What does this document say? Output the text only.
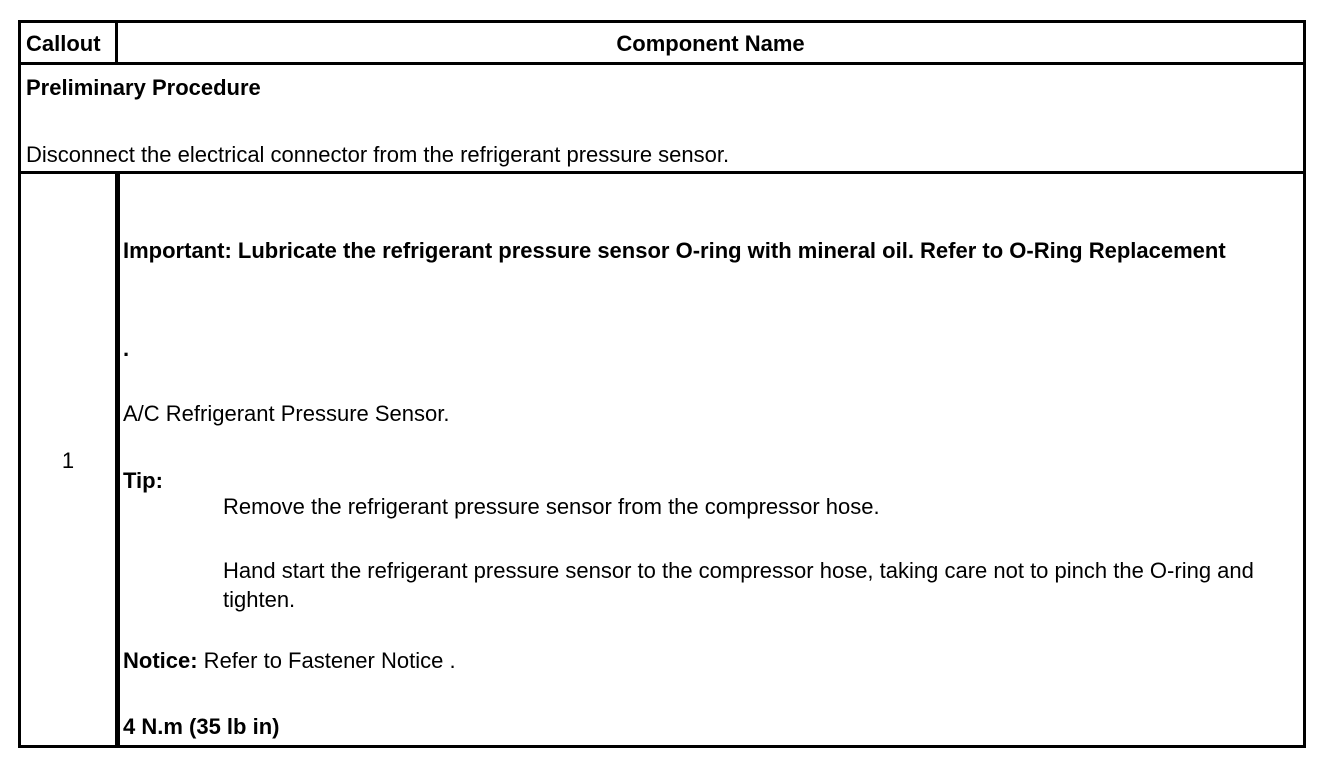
Callout	Component Name
Preliminary Procedure
Disconnect the electrical connector from the refrigerant pressure sensor.
1
Important: Lubricate the refrigerant pressure sensor O-ring with mineral oil. Refer to O-Ring Replacement
.
A/C Refrigerant Pressure Sensor.
Tip:
Remove the refrigerant pressure sensor from the compressor hose.
Hand start the refrigerant pressure sensor to the compressor hose, taking care not to pinch the O-ring and tighten.
Notice: Refer to Fastener Notice .
4 N.m (35 lb in)
